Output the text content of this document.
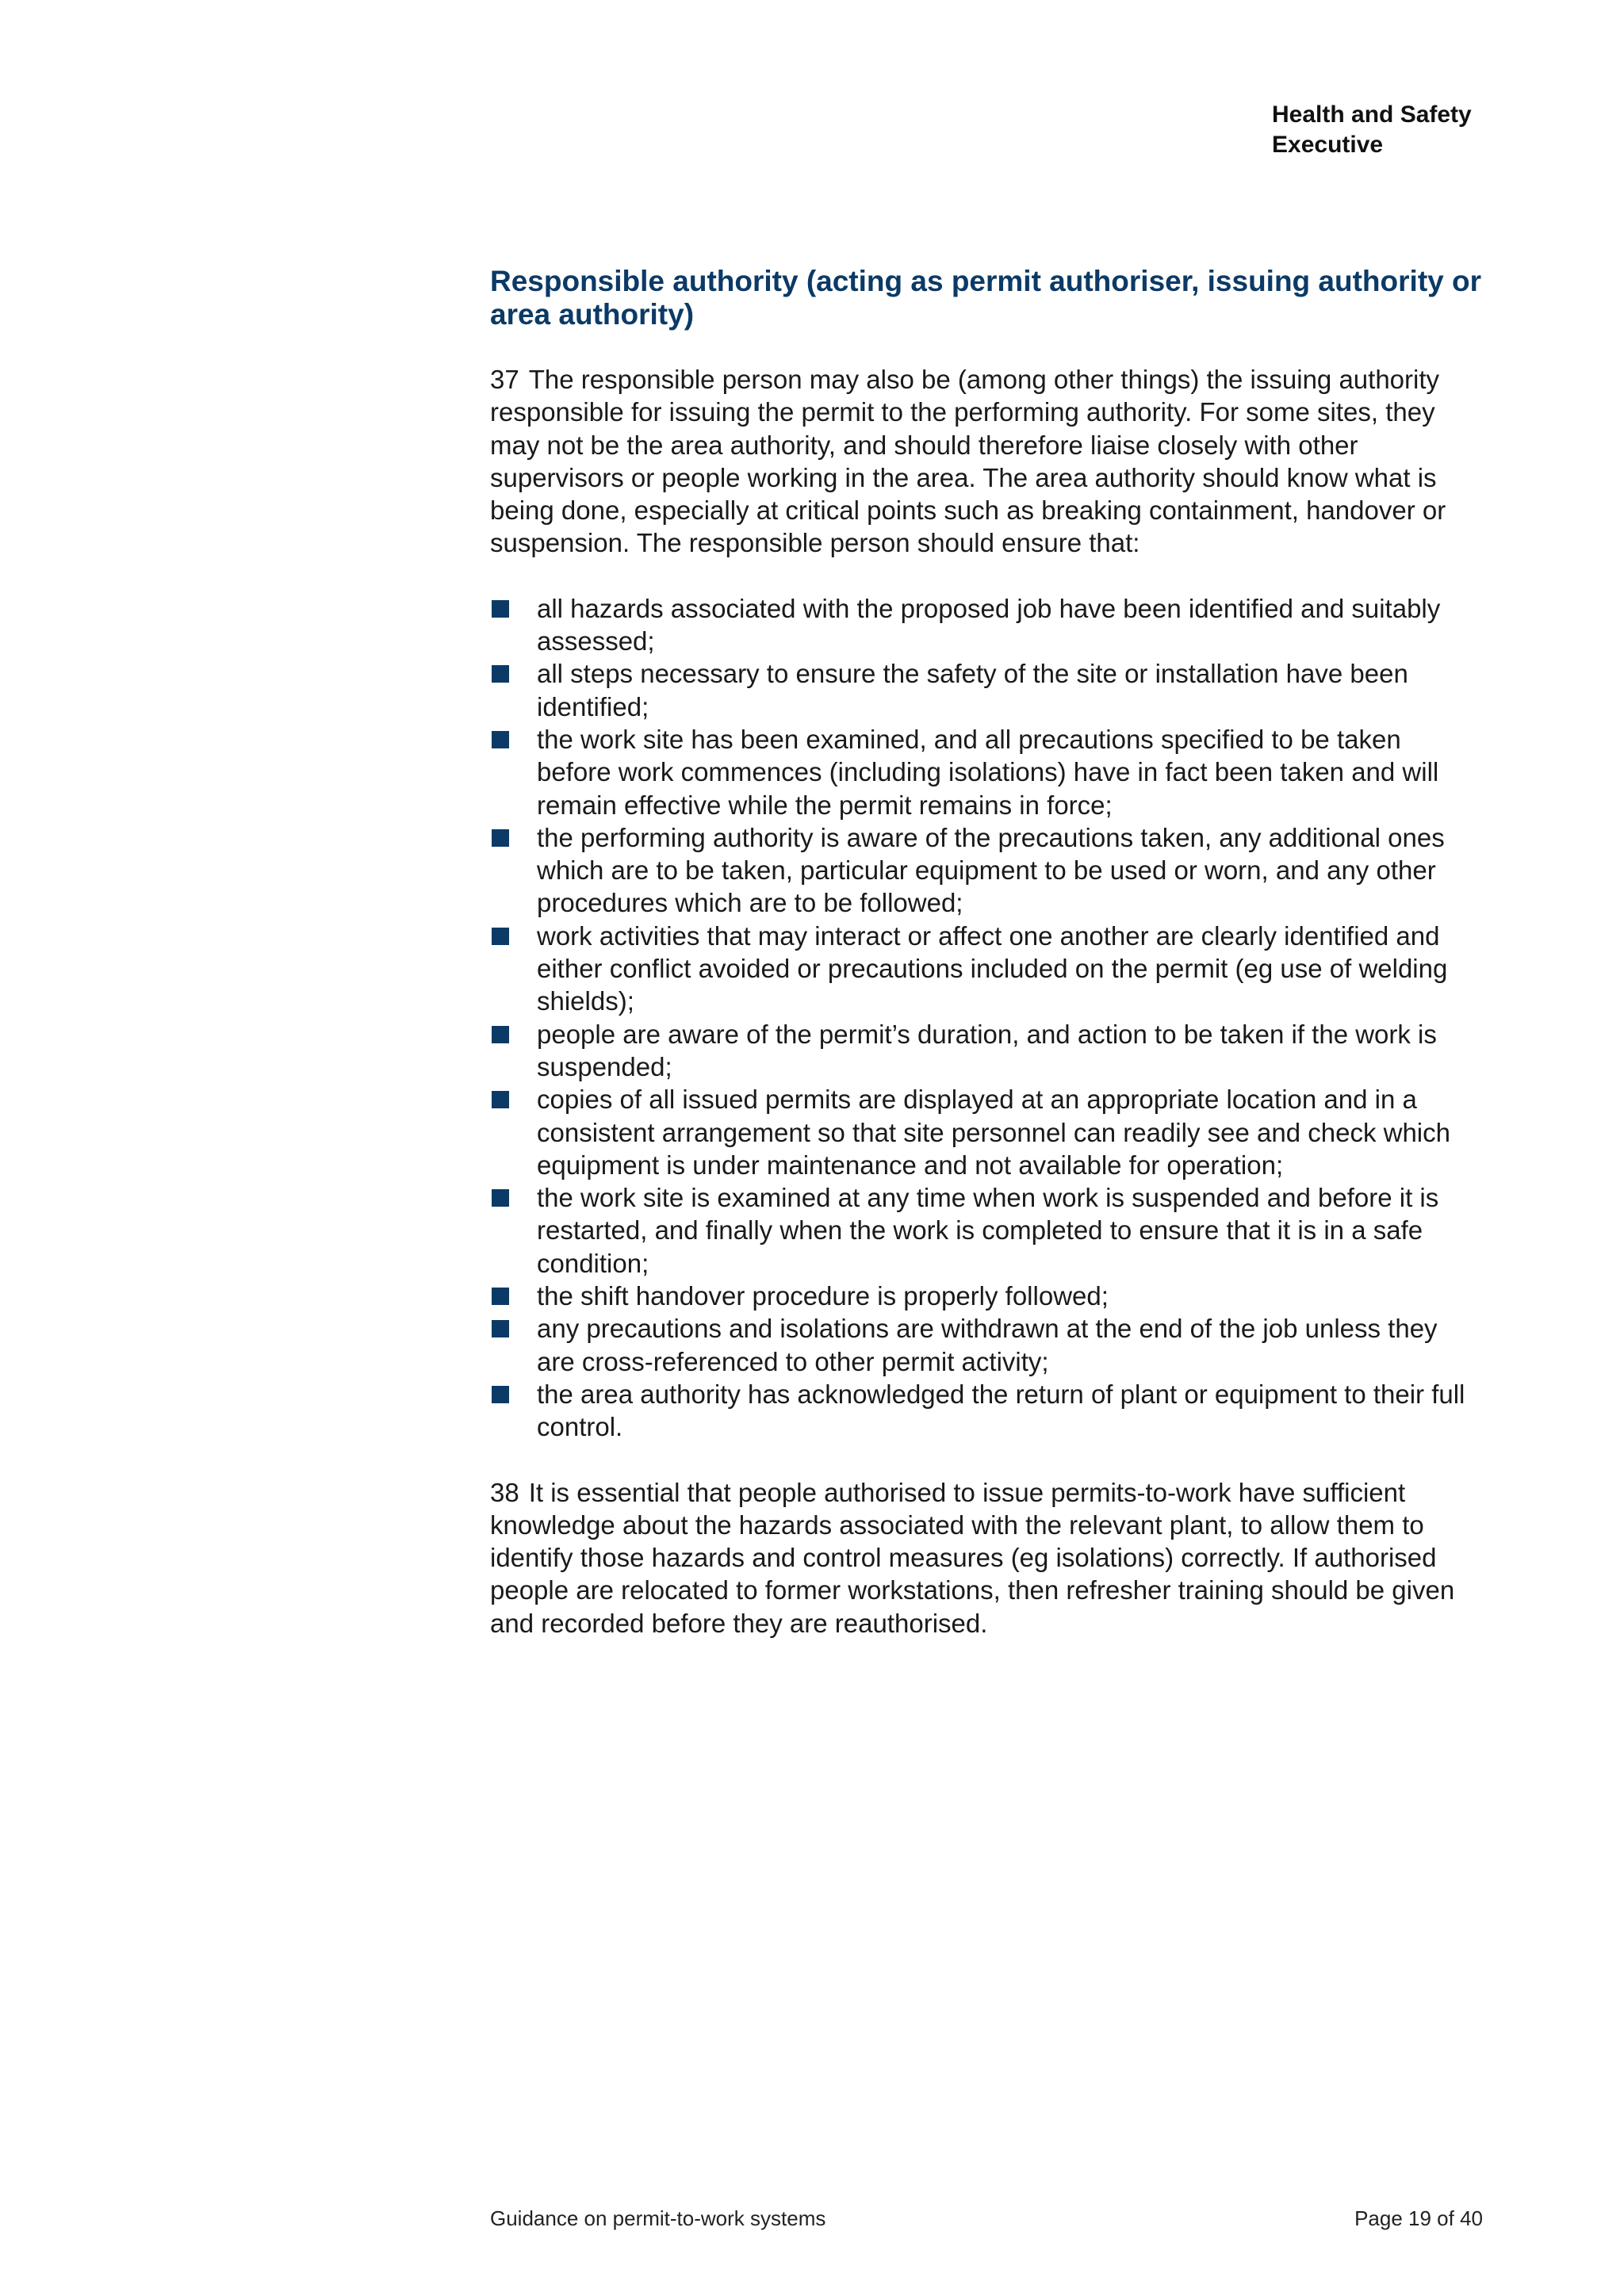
Health and Safety
Executive
Responsible authority (acting as permit authoriser, issuing authority or area authority)

37 The responsible person may also be (among other things) the issuing authority responsible for issuing the permit to the performing authority. For some sites, they may not be the area authority, and should therefore liaise closely with other supervisors or people working in the area. The area authority should know what is being done, especially at critical points such as breaking containment, handover or suspension. The responsible person should ensure that:

all hazards associated with the proposed job have been identified and suitably assessed;
all steps necessary to ensure the safety of the site or installation have been identified;
the work site has been examined, and all precautions specified to be taken before work commences (including isolations) have in fact been taken and will remain effective while the permit remains in force;
the performing authority is aware of the precautions taken, any additional ones which are to be taken, particular equipment to be used or worn, and any other procedures which are to be followed;
work activities that may interact or affect one another are clearly identified and either conflict avoided or precautions included on the permit (eg use of welding shields);
people are aware of the permit’s duration, and action to be taken if the work is suspended;
copies of all issued permits are displayed at an appropriate location and in a consistent arrangement so that site personnel can readily see and check which equipment is under maintenance and not available for operation;
the work site is examined at any time when work is suspended and before it is restarted, and finally when the work is completed to ensure that it is in a safe condition;
the shift handover procedure is properly followed;
any precautions and isolations are withdrawn at the end of the job unless they are cross-referenced to other permit activity;
the area authority has acknowledged the return of plant or equipment to their full control.

38 It is essential that people authorised to issue permits-to-work have sufficient knowledge about the hazards associated with the relevant plant, to allow them to identify those hazards and control measures (eg isolations) correctly. If authorised people are relocated to former workstations, then refresher training should be given and recorded before they are reauthorised.

Guidance on permit-to-work systems	Page 19 of 40
